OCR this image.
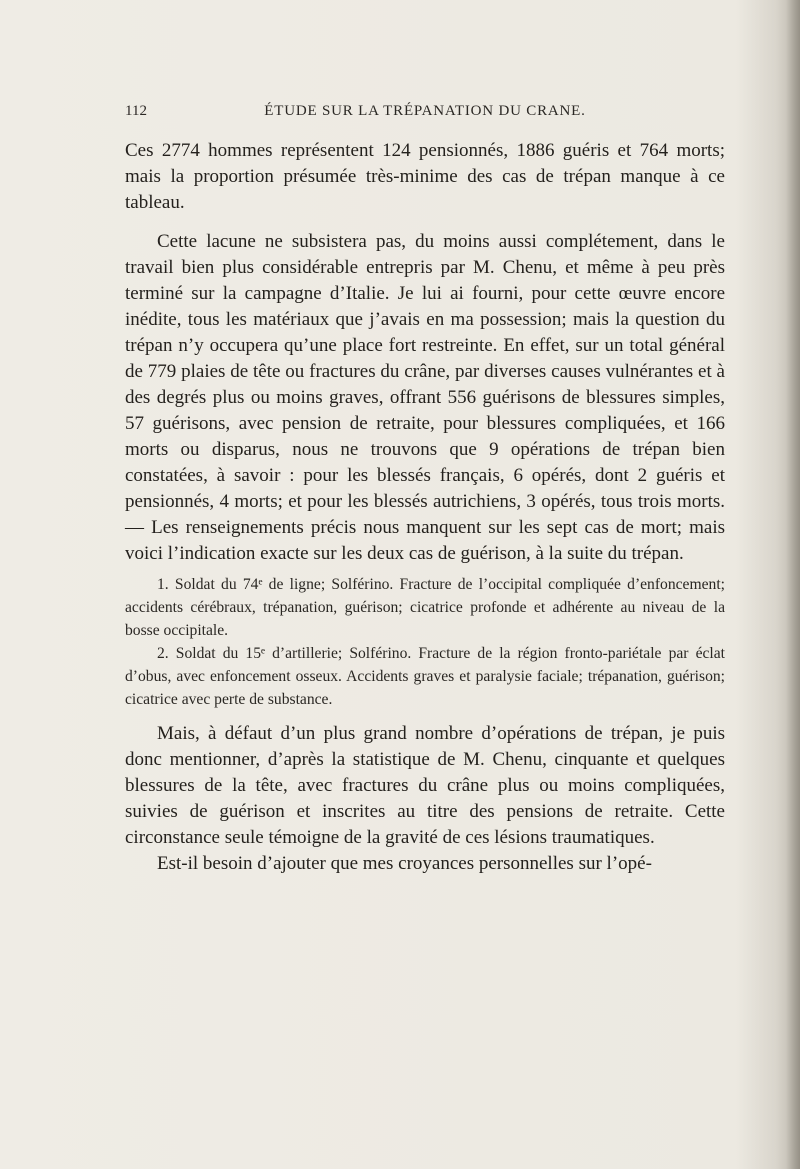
112	ÉTUDE SUR LA TRÉPANATION DU CRANE.

Ces 2774 hommes représentent 124 pensionnés, 1886 guéris et 764 morts; mais la proportion présumée très-minime des cas de trépan manque à ce tableau.

Cette lacune ne subsistera pas, du moins aussi complétement, dans le travail bien plus considérable entrepris par M. Chenu, et même à peu près terminé sur la campagne d’Italie. Je lui ai fourni, pour cette œuvre encore inédite, tous les matériaux que j’avais en ma possession; mais la question du trépan n’y occupera qu’une place fort restreinte. En effet, sur un total général de 779 plaies de tête ou fractures du crâne, par diverses causes vulnérantes et à des degrés plus ou moins graves, offrant 556 guérisons de blessures simples, 57 guérisons, avec pension de retraite, pour blessures compliquées, et 166 morts ou disparus, nous ne trouvons que 9 opérations de trépan bien constatées, à savoir : pour les blessés français, 6 opérés, dont 2 guéris et pensionnés, 4 morts; et pour les blessés autrichiens, 3 opérés, tous trois morts. — Les renseignements précis nous manquent sur les sept cas de mort; mais voici l’indication exacte sur les deux cas de guérison, à la suite du trépan.

1. Soldat du 74ᵉ de ligne; Solférino. Fracture de l’occipital compliquée d’enfoncement; accidents cérébraux, trépanation, guérison; cicatrice profonde et adhérente au niveau de la bosse occipitale.

2. Soldat du 15ᵉ d’artillerie; Solférino. Fracture de la région fronto-pariétale par éclat d’obus, avec enfoncement osseux. Accidents graves et paralysie faciale; trépanation, guérison; cicatrice avec perte de substance.

Mais, à défaut d’un plus grand nombre d’opérations de trépan, je puis donc mentionner, d’après la statistique de M. Chenu, cinquante et quelques blessures de la tête, avec fractures du crâne plus ou moins compliquées, suivies de guérison et inscrites au titre des pensions de retraite. Cette circonstance seule témoigne de la gravité de ces lésions traumatiques.

Est-il besoin d’ajouter que mes croyances personnelles sur l’opé-
